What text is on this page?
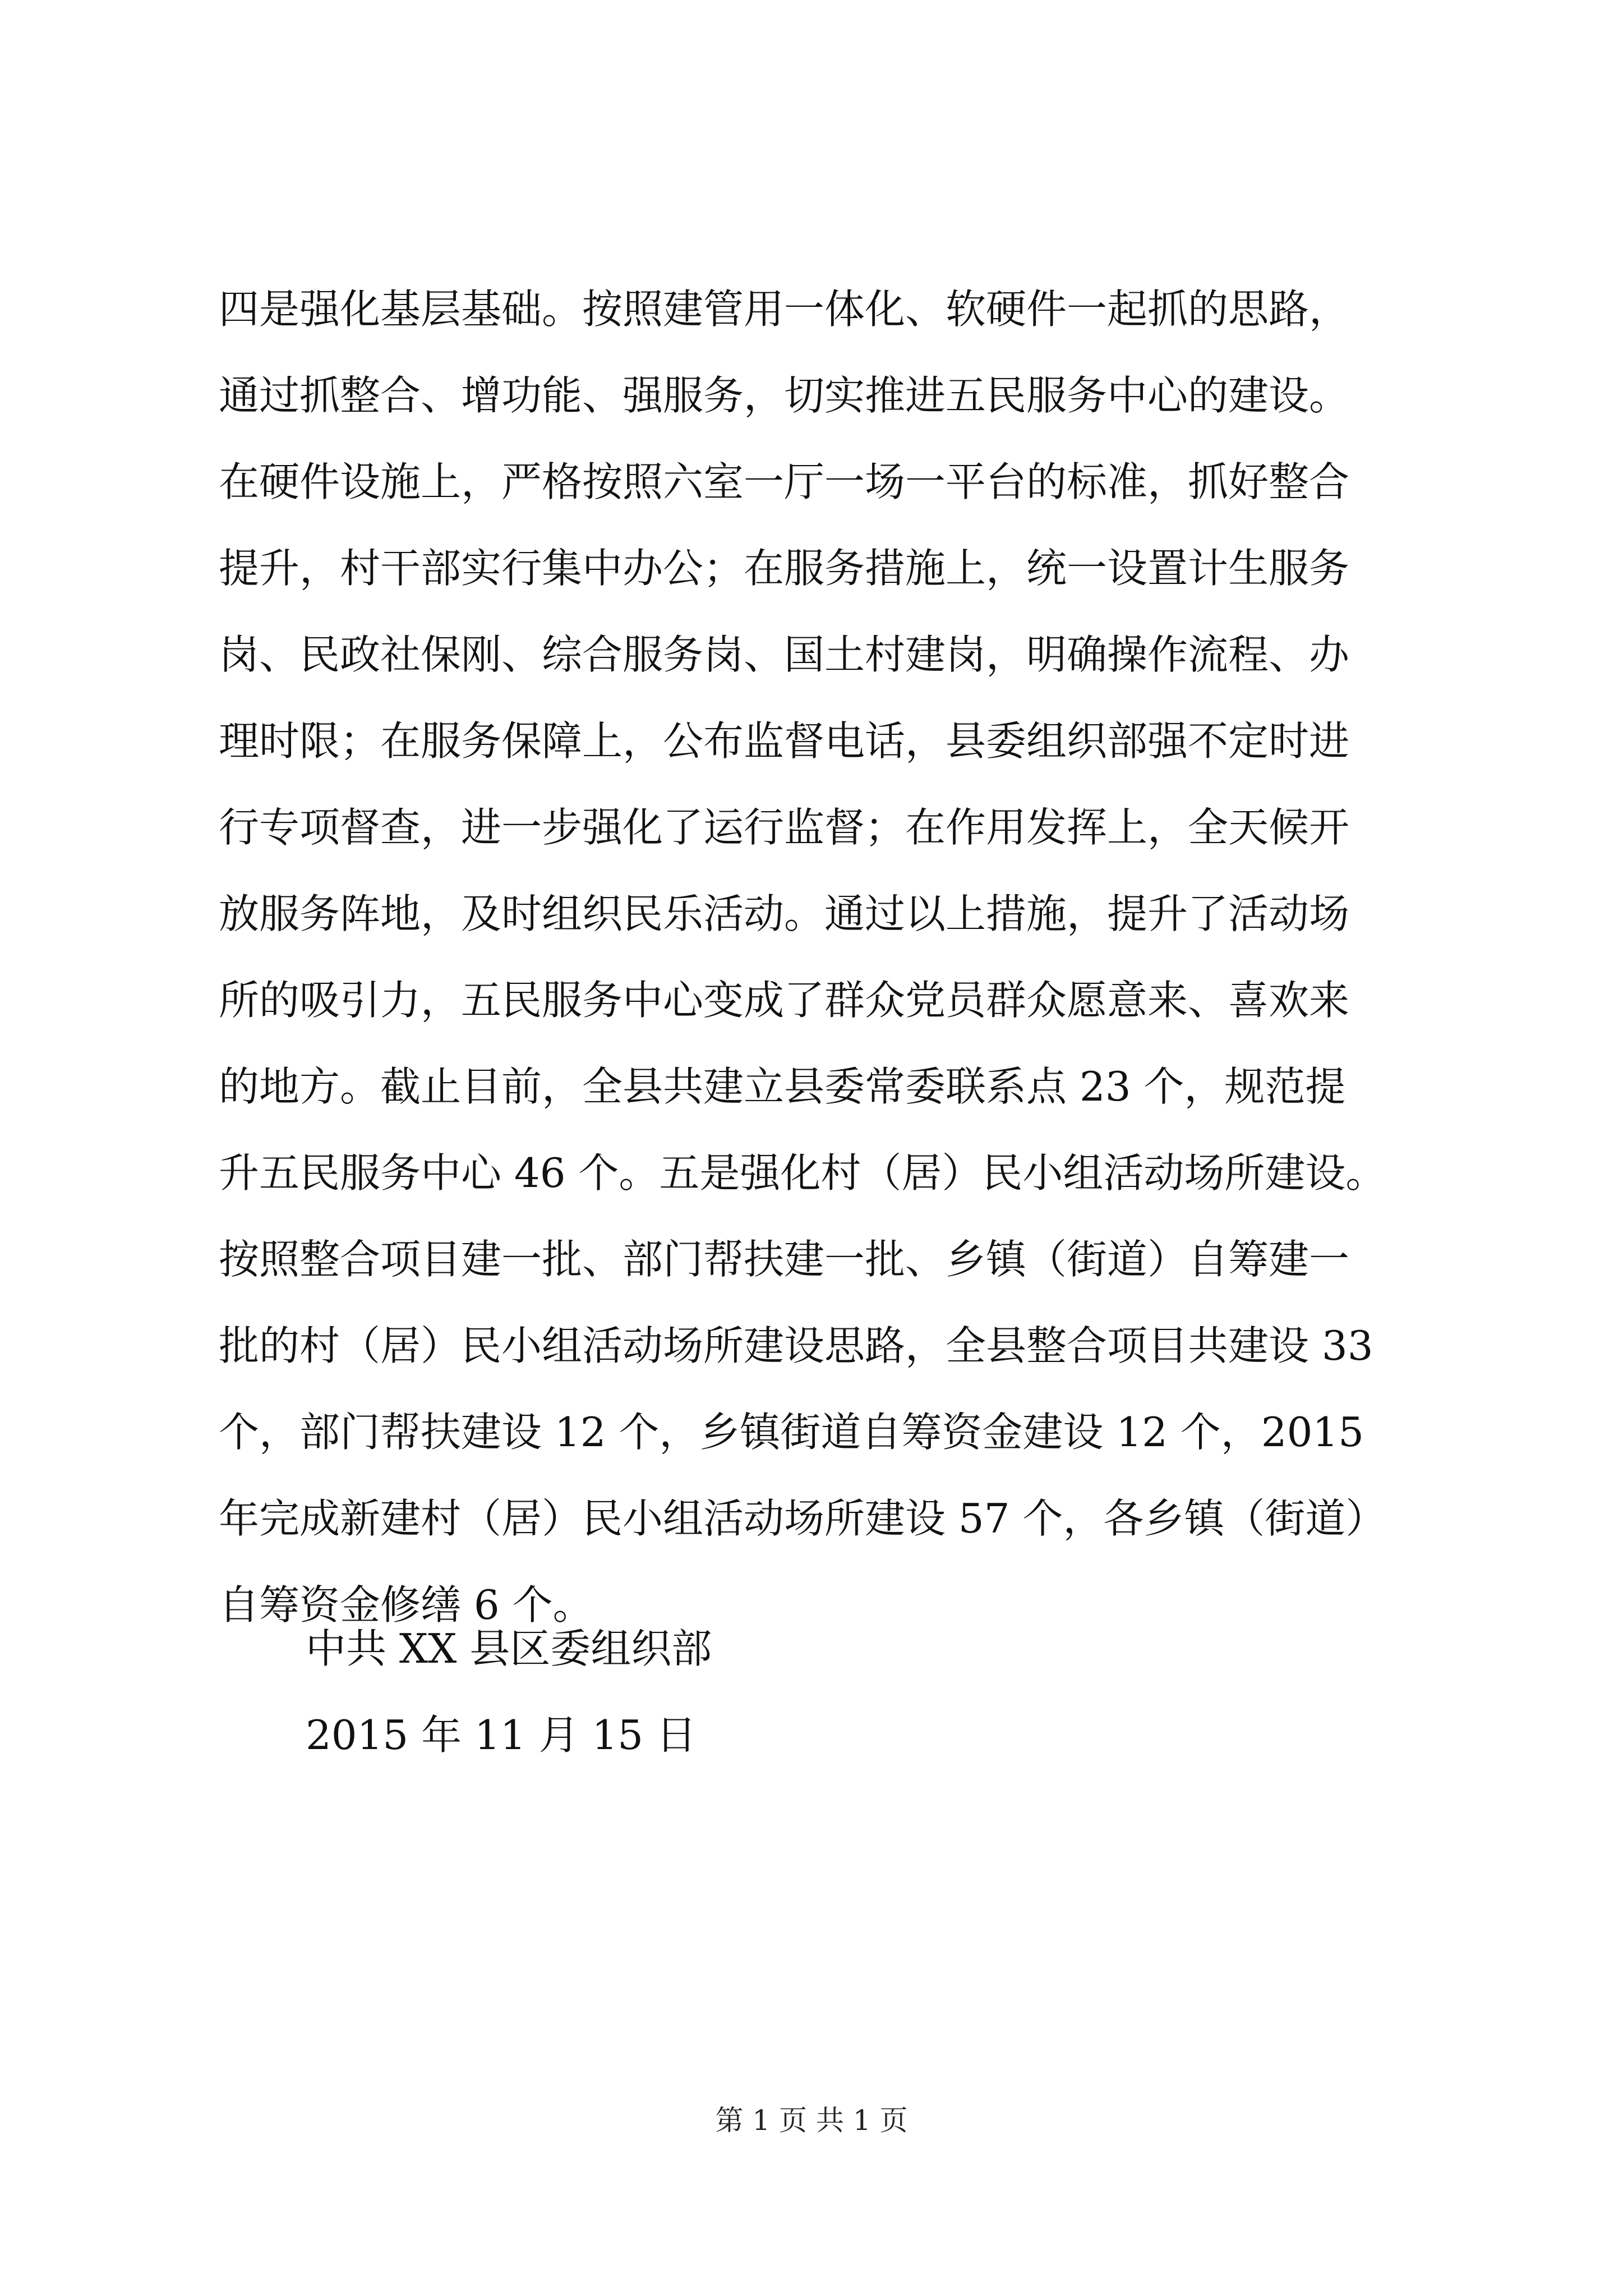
四是强化基层基础。按照建管用一体化、软硬件一起抓的思路，
通过抓整合、增功能、强服务，切实推进五民服务中心的建设。
在硬件设施上，严格按照六室一厅一场一平台的标准，抓好整合
提升，村干部实行集中办公；在服务措施上，统一设置计生服务
岗、民政社保刚、综合服务岗、国土村建岗，明确操作流程、办
理时限；在服务保障上，公布监督电话，县委组织部强不定时进
行专项督查，进一步强化了运行监督；在作用发挥上，全天候开
放服务阵地，及时组织民乐活动。通过以上措施，提升了活动场
所的吸引力，五民服务中心变成了群众党员群众愿意来、喜欢来
的地方。截止目前，全县共建立县委常委联系点 23 个，规范提
升五民服务中心 46 个。五是强化村（居）民小组活动场所建设。
按照整合项目建一批、部门帮扶建一批、乡镇（街道）自筹建一
批的村（居）民小组活动场所建设思路，全县整合项目共建设 33
个，部门帮扶建设 12 个，乡镇街道自筹资金建设 12 个，2015
年完成新建村（居）民小组活动场所建设 57 个，各乡镇（街道）
自筹资金修缮 6 个。
中共 XX 县区委组织部
2015 年 11 月 15 日
第 1 页 共 1 页
